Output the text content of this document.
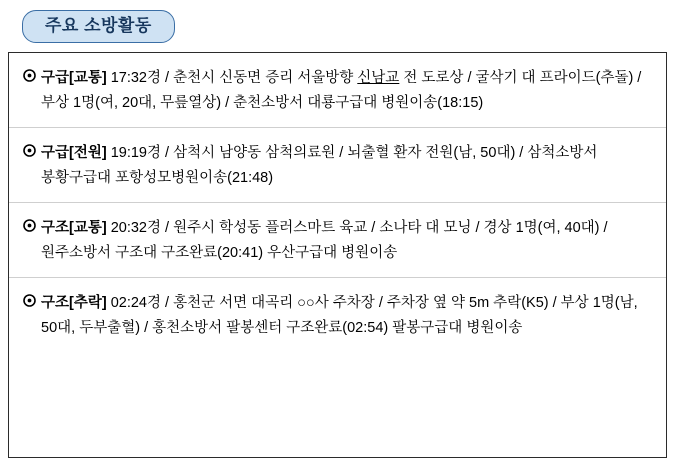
주요 소방활동
구급[교통] 17:32경 / 춘천시 신동면 증리 서울방향 신남교 전 도로상 / 굴삭기 대 프라이드(추돌) / 부상 1명(여, 20대, 무릎열상) / 춘천소방서 대룡구급대 병원이송(18:15)
구급[전원] 19:19경 / 삼척시 남양동 삼척의료원 / 뇌출혈 환자 전원(남, 50대) / 삼척소방서 봉황구급대 포항성모병원이송(21:48)
구조[교통] 20:32경 / 원주시 학성동 플러스마트 육교 / 소나타 대 모닝 / 경상 1명(여, 40대) / 원주소방서 구조대 구조완료(20:41) 우산구급대 병원이송
구조[추락] 02:24경 / 홍천군 서면 대곡리 ○○사 주차장 / 주차장 옆 약 5m 추락(K5) / 부상 1명(남, 50대, 두부출혈) / 홍천소방서 팔봉센터 구조완료(02:54) 팔봉구급대 병원이송
